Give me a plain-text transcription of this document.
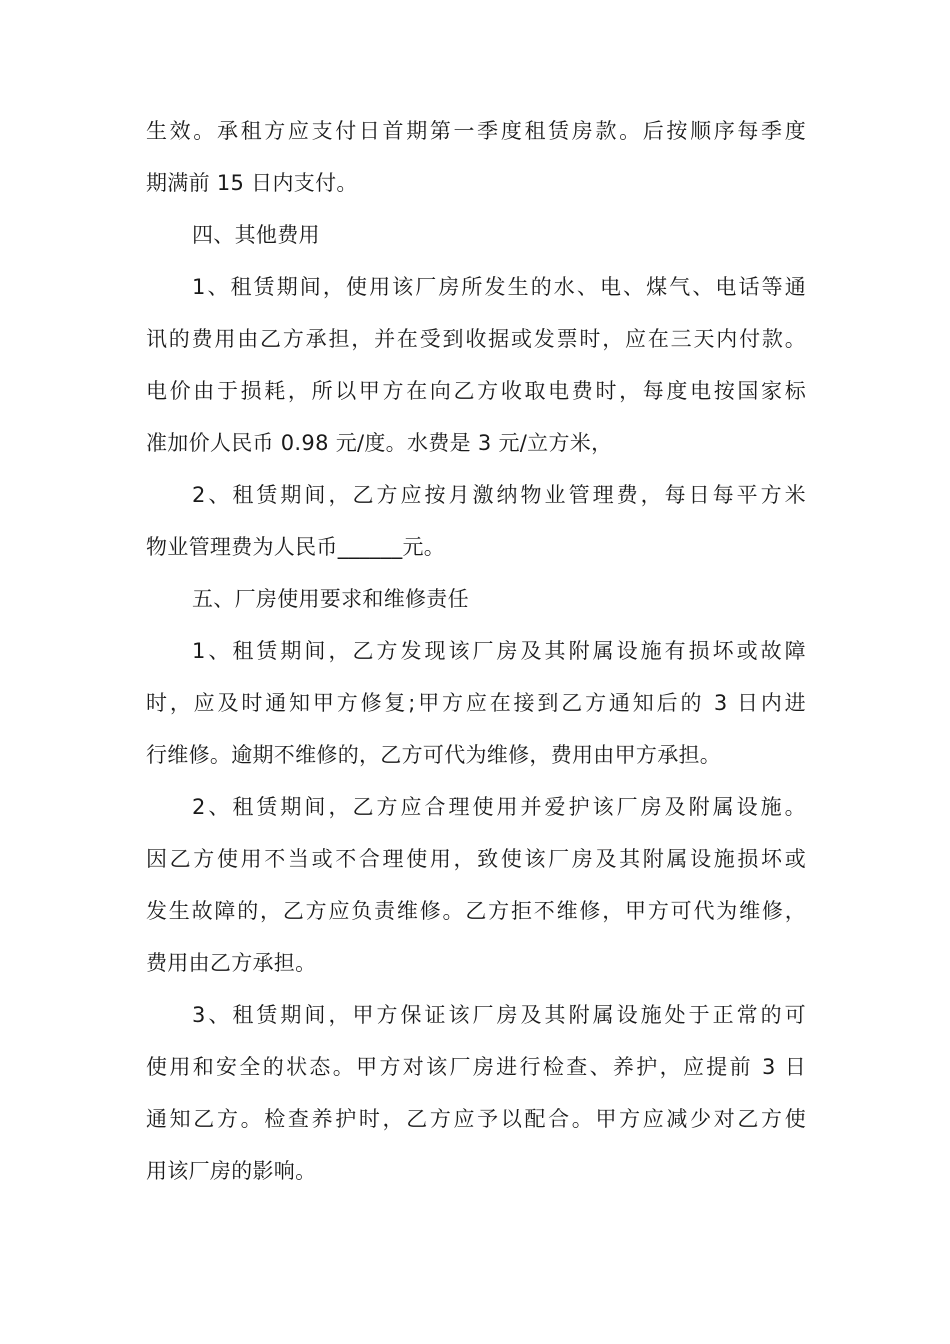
生效。承租方应支付日首期第一季度租赁房款。后按顺序每季度
期满前 15 日内支付。
四、其他费用
1、租赁期间，使用该厂房所发生的水、电、煤气、电话等通
讯的费用由乙方承担，并在受到收据或发票时，应在三天内付款。
电价由于损耗，所以甲方在向乙方收取电费时，每度电按国家标
准加价人民币 0.98 元/度。水费是 3 元/立方米，
2、租赁期间，乙方应按月激纳物业管理费，每日每平方米
物业管理费为人民币______元。
五、厂房使用要求和维修责任
1、租赁期间，乙方发现该厂房及其附属设施有损坏或故障
时，应及时通知甲方修复;甲方应在接到乙方通知后的 3 日内进
行维修。逾期不维修的，乙方可代为维修，费用由甲方承担。
2、租赁期间，乙方应合理使用并爱护该厂房及附属设施。
因乙方使用不当或不合理使用，致使该厂房及其附属设施损坏或
发生故障的，乙方应负责维修。乙方拒不维修，甲方可代为维修，
费用由乙方承担。
3、租赁期间，甲方保证该厂房及其附属设施处于正常的可
使用和安全的状态。甲方对该厂房进行检查、养护，应提前 3 日
通知乙方。检查养护时，乙方应予以配合。甲方应减少对乙方使
用该厂房的影响。
